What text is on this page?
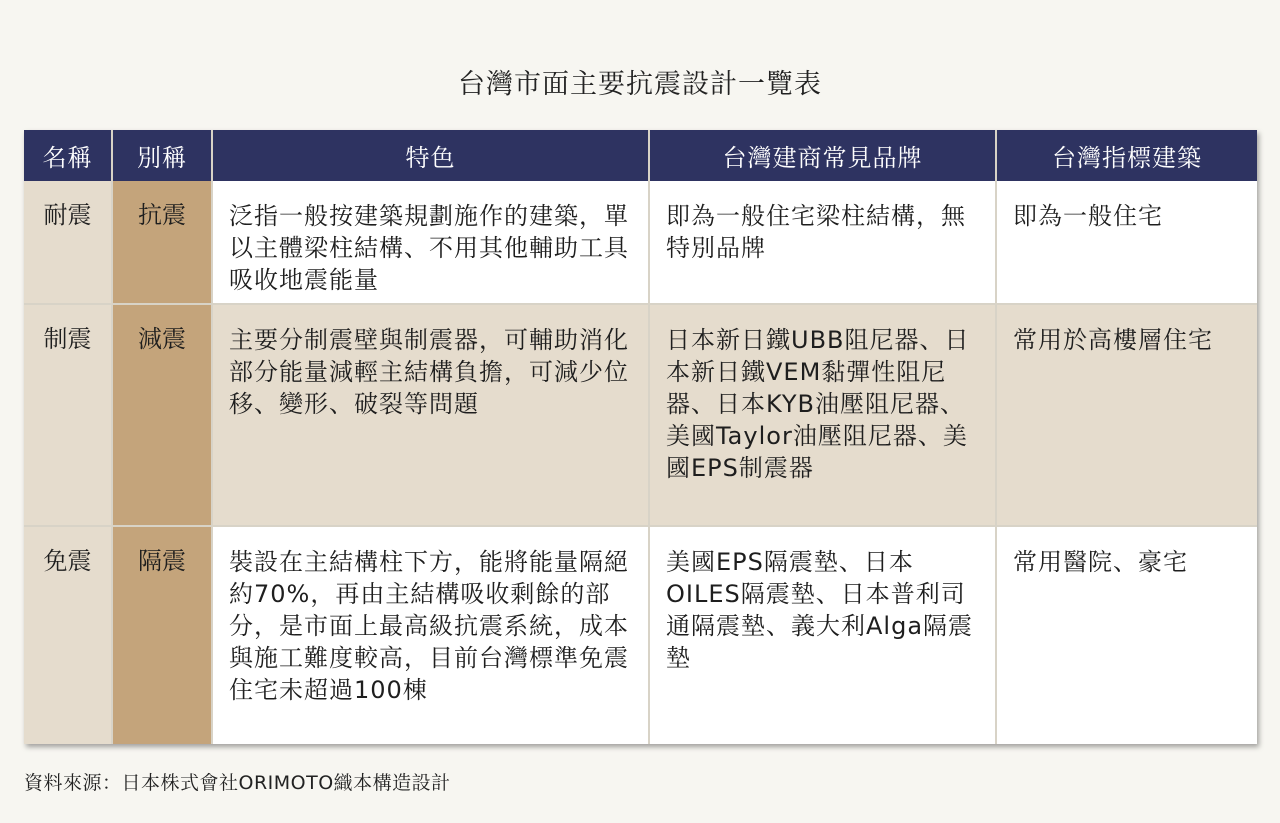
台灣市面主要抗震設計一覽表
名稱	別稱	特色	台灣建商常見品牌	台灣指標建築
耐震	抗震	泛指一般按建築規劃施作的建築，單以主體梁柱結構、不用其他輔助工具吸收地震能量	即為一般住宅梁柱結構，無特別品牌	即為一般住宅
制震	減震	主要分制震壁與制震器，可輔助消化部分能量減輕主結構負擔，可減少位移、變形、破裂等問題	日本新日鐵UBB阻尼器、日本新日鐵VEM黏彈性阻尼器、日本KYB油壓阻尼器、美國Taylor油壓阻尼器、美國EPS制震器	常用於高樓層住宅
免震	隔震	裝設在主結構柱下方，能將能量隔絕約70%，再由主結構吸收剩餘的部分，是市面上最高級抗震系統，成本與施工難度較高，目前台灣標準免震住宅未超過100棟	美國EPS隔震墊、日本OILES隔震墊、日本普利司通隔震墊、義大利Alga隔震墊	常用醫院、豪宅
資料來源：日本株式會社ORIMOTO織本構造設計
